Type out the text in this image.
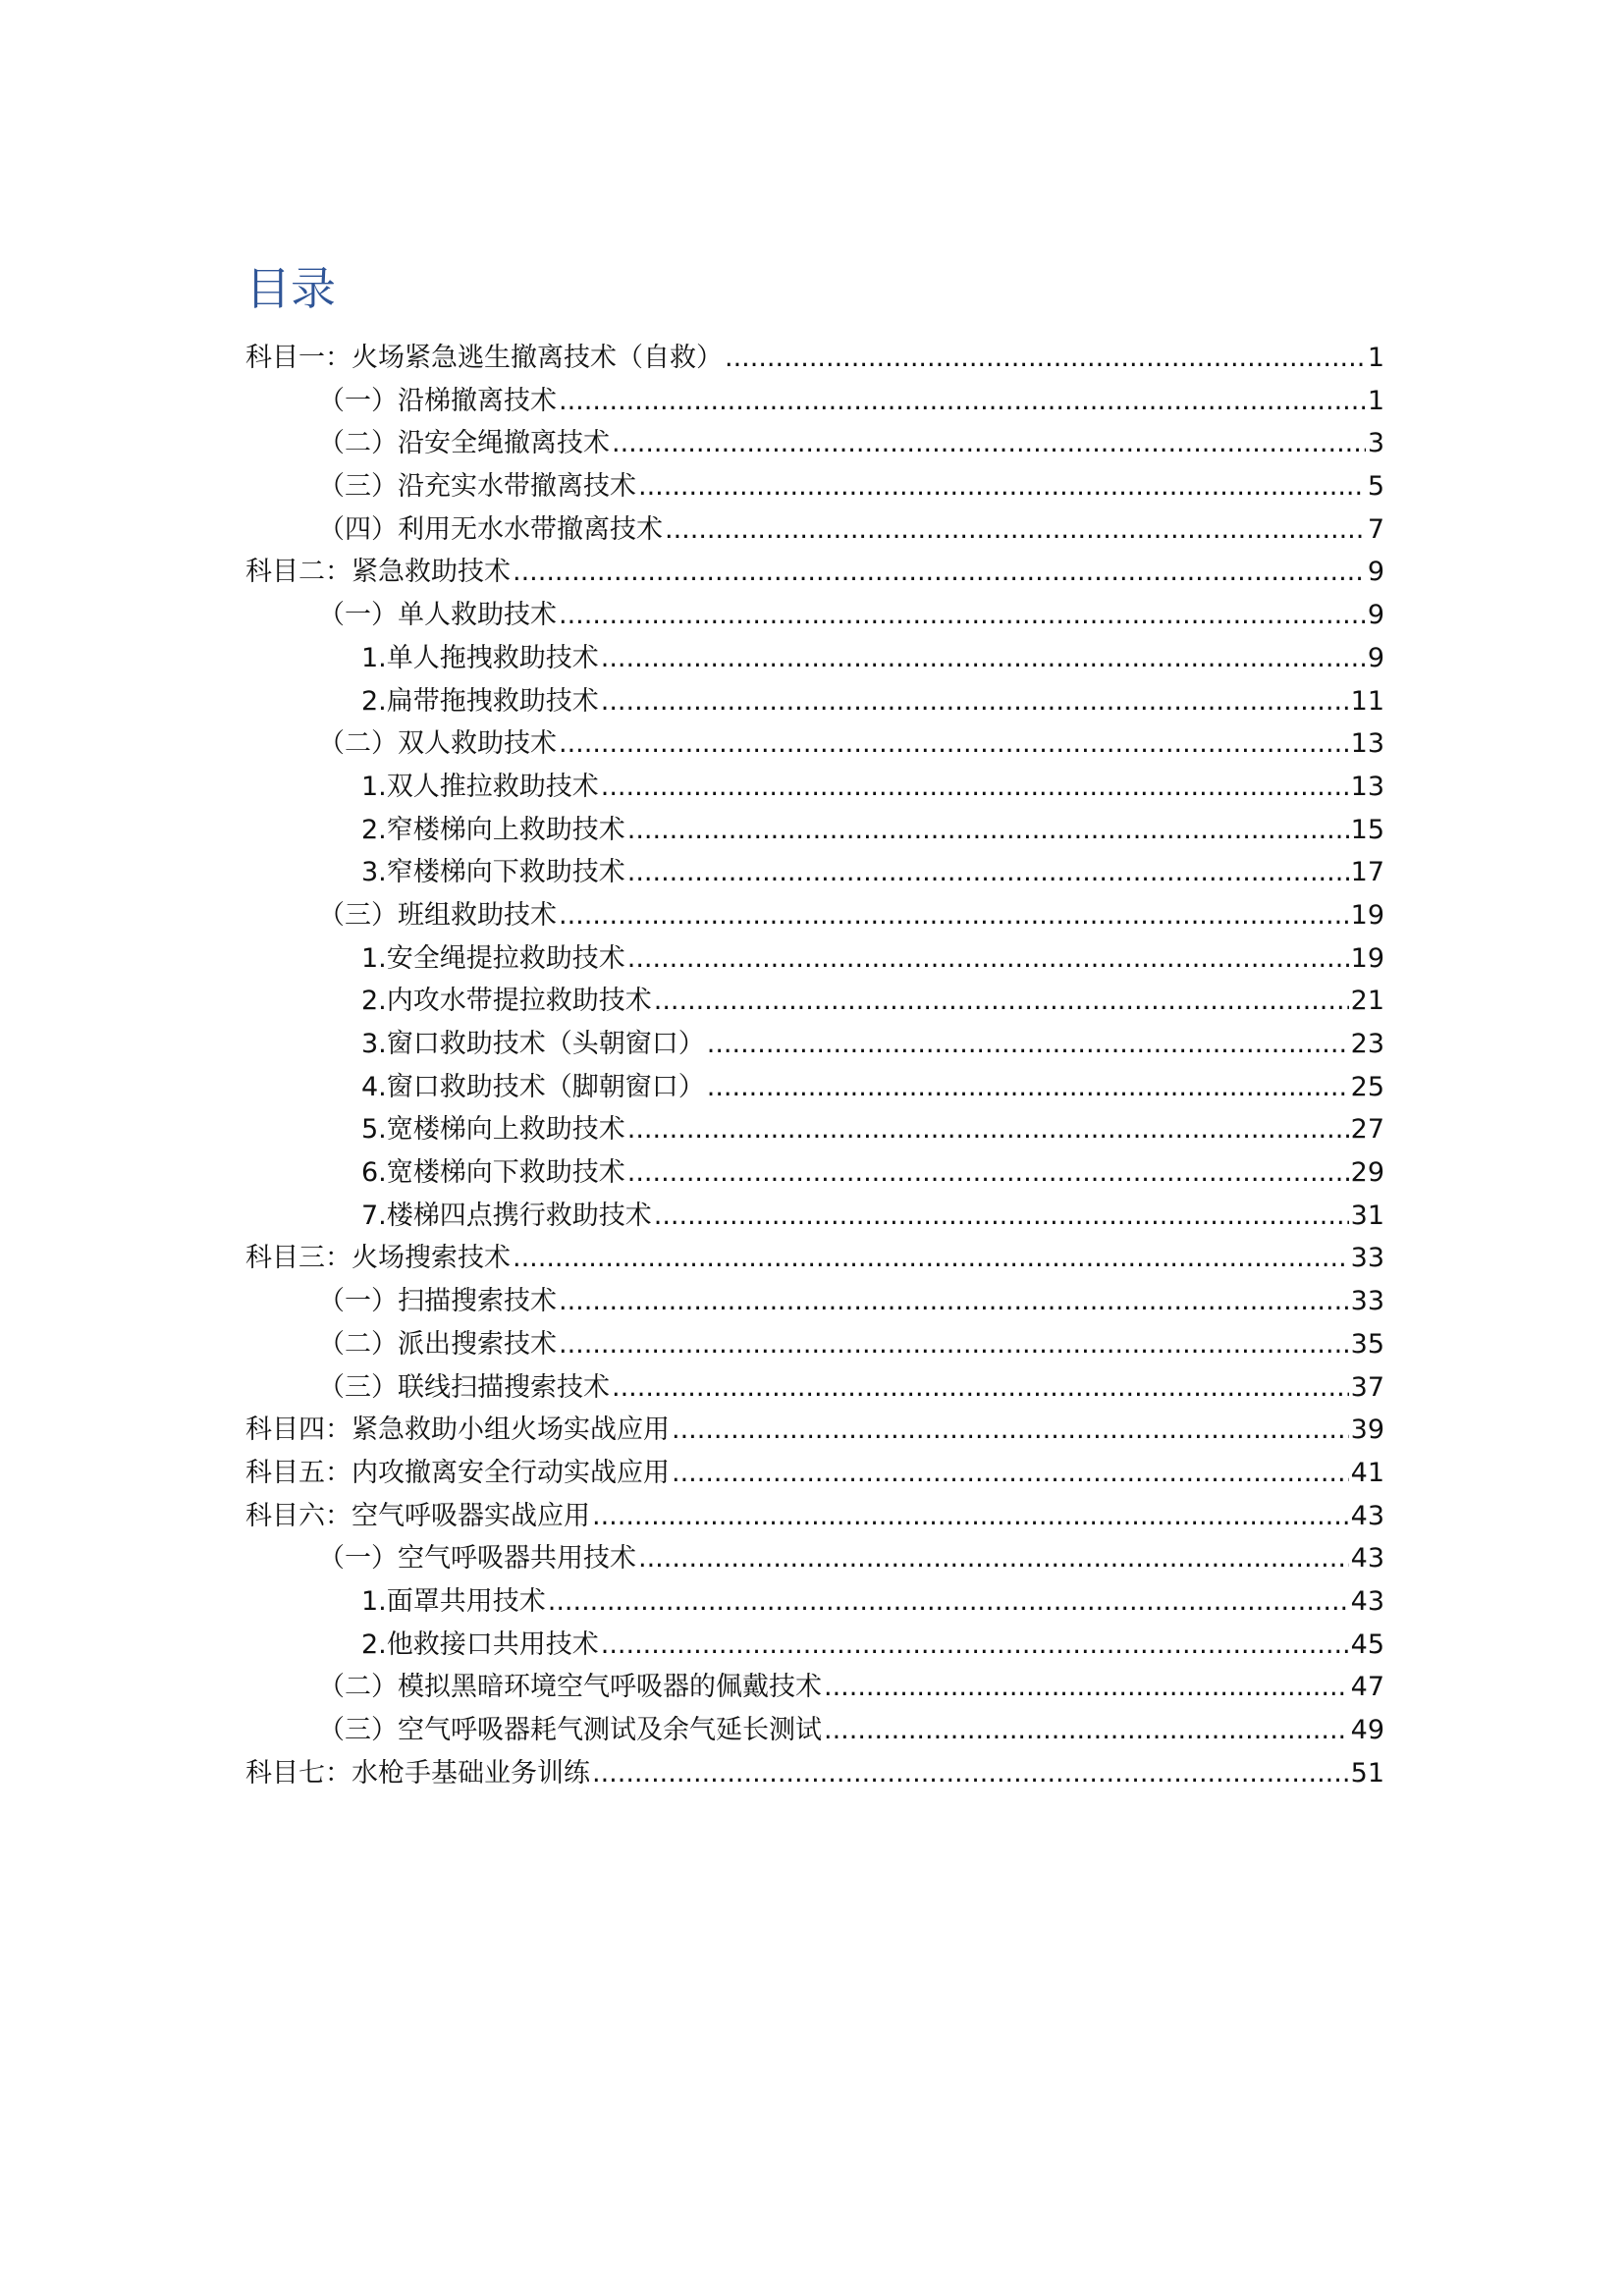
目录
科目一：火场紧急逃生撤离技术（自救） .....	1
（一）沿梯撤离技术 .....	1
（二）沿安全绳撤离技术 .....	3
（三）沿充实水带撤离技术 .....	5
（四）利用无水水带撤离技术 .....	7
科目二：紧急救助技术 .....	9
（一）单人救助技术 .....	9
1.单人拖拽救助技术 .....	9
2.扁带拖拽救助技术 .....	11
（二）双人救助技术 .....	13
1.双人推拉救助技术 .....	13
2.窄楼梯向上救助技术 .....	15
3.窄楼梯向下救助技术 .....	17
（三）班组救助技术 .....	19
1.安全绳提拉救助技术 .....	19
2.内攻水带提拉救助技术 .....	21
3.窗口救助技术（头朝窗口） .....	23
4.窗口救助技术（脚朝窗口） .....	25
5.宽楼梯向上救助技术 .....	27
6.宽楼梯向下救助技术 .....	29
7.楼梯四点携行救助技术 .....	31
科目三：火场搜索技术 .....	33
（一）扫描搜索技术 .....	33
（二）派出搜索技术 .....	35
（三）联线扫描搜索技术 .....	37
科目四：紧急救助小组火场实战应用 .....	39
科目五：内攻撤离安全行动实战应用 .....	41
科目六：空气呼吸器实战应用 .....	43
（一）空气呼吸器共用技术 .....	43
1.面罩共用技术 .....	43
2.他救接口共用技术 .....	45
（二）模拟黑暗环境空气呼吸器的佩戴技术 .....	47
（三）空气呼吸器耗气测试及余气延长测试 .....	49
科目七：水枪手基础业务训练 .....	51
